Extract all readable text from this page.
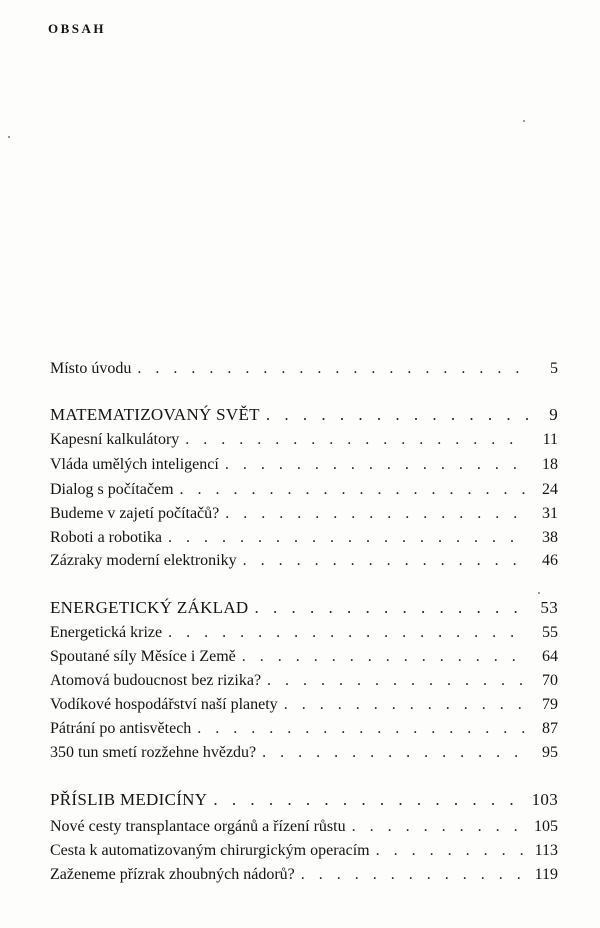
OBSAH
Místo úvodu . . .	5
MATEMATIZOVANÝ SVĚT . . .	9
Kapesní kalkulátory . . .	11
Vláda umělých inteligencí . . .	18
Dialog s počítačem . . .	24
Budeme v zajetí počítačů? . . .	31
Roboti a robotika . . .	38
Zázraky moderní elektroniky . . .	46
ENERGETICKÝ ZÁKLAD . . .	53
Energetická krize . . .	55
Spoutané síly Měsíce i Země . . .	64
Atomová budoucnost bez rizika? . . .	70
Vodíkové hospodářství naší planety . . .	79
Pátrání po antisvětech . . .	87
350 tun smetí rozžehne hvězdu? . . .	95
PŘÍSLIB MEDICÍNY . . .	103
Nové cesty transplantace orgánů a řízení růstu . . .	105
Cesta k automatizovaným chirurgickým operacím . . .	113
Zaženeme přízrak zhoubných nádorů? . . .	119
